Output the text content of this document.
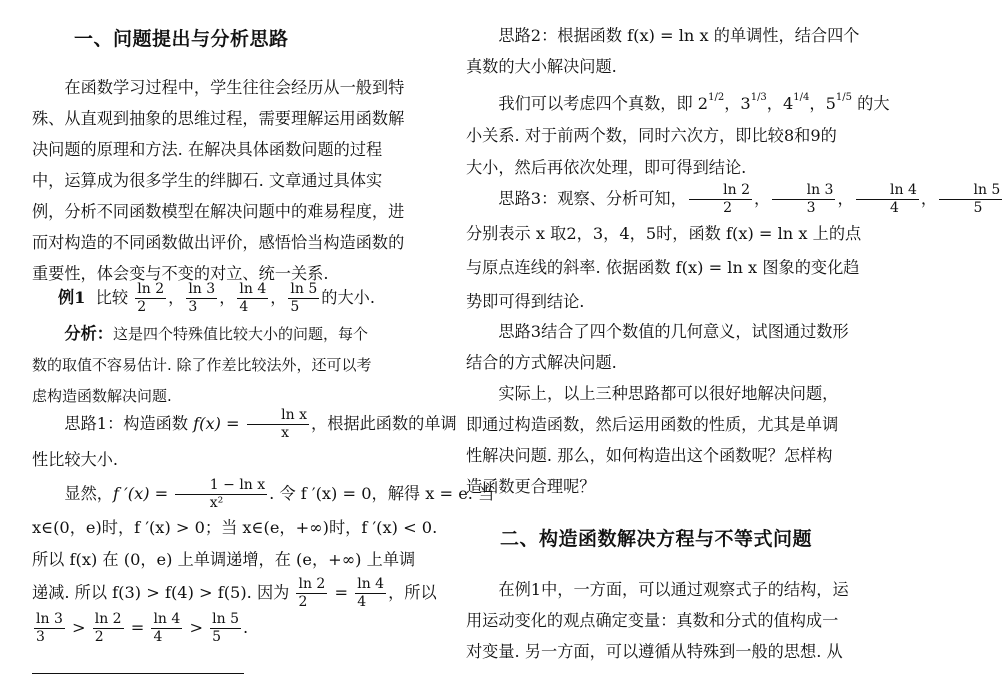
一、问题提出与分析思路
在函数学习过程中，学生往往会经历从一般到特
殊、从直观到抽象的思维过程，需要理解运用函数解
决问题的原理和方法. 在解决具体函数问题的过程
中，运算成为很多学生的绊脚石. 文章通过具体实
例，分析不同函数模型在解决问题中的难易程度，进
而对构造的不同函数做出评价，感悟恰当构造函数的
重要性，体会变与不变的对立、统一关系.
例1 比较 $\frac{\ln 2}{2}$ ， $\frac{\ln 3}{3}$ ， $\frac{\ln 4}{4}$ ， $\frac{\ln 5}{5}$ 的大小.
分析：这是四个特殊值比较大小的问题，每个
数的取值不容易估计. 除了作差比较法外，还可以考
虑构造函数解决问题.
思路1：构造函数 $f(x) = \frac{\text{ln x}}{x}$ ，根据此函数的单调
性比较大小.
显然，f $'(x) = \frac{\text{1 − ln x}}{\text{x²}}$ . 令 f ′(x) = 0，解得 x = e. 当
x∈(0，e)时，f ′(x) > 0；当 x∈(e，+∞)时，f ′(x) < 0.
所以 f(x) 在 (0，e) 上单调递增，在 (e，+∞) 上单调
递减. 所以 f(3) > f(4) > f(5). 因为 $\frac{\ln 2}{2} = \frac{\ln 4}{4}$ ，所以
$\frac{\ln 3}{3} > \frac{\ln 2}{2} = \frac{\ln 4}{4} > \frac{\ln 5}{5}$ .
思路2：根据函数 f(x) = ln x 的单调性，结合四个
真数的大小解决问题.
我们可以考虑四个真数，即 $2^{1/2}$，$3^{1/3}$，$4^{1/4}$，$5^{1/5}$ 的大
小关系. 对于前两个数，同时六次方，即比较8和9的
大小，然后再依次处理，即可得到结论.
思路3：观察、分析可知， $\frac{\ln 2}{2}$ ， $\frac{\ln 3}{3}$ ， $\frac{\ln 4}{4}$ ， $\frac{\ln 5}{5}$
分别表示 x 取2，3，4，5时，函数 f(x) = ln x 上的点
与原点连线的斜率. 依据函数 f(x) = ln x 图象的变化趋
势即可得到结论.
思路3结合了四个数值的几何意义，试图通过数形
结合的方式解决问题.
实际上，以上三种思路都可以很好地解决问题，
即通过构造函数，然后运用函数的性质，尤其是单调
性解决问题. 那么，如何构造出这个函数呢？怎样构
造函数更合理呢？
二、构造函数解决方程与不等式问题
在例1中，一方面，可以通过观察式子的结构，运
用运动变化的观点确定变量：真数和分式的值构成一
对变量. 另一方面，可以遵循从特殊到一般的思想. 从
